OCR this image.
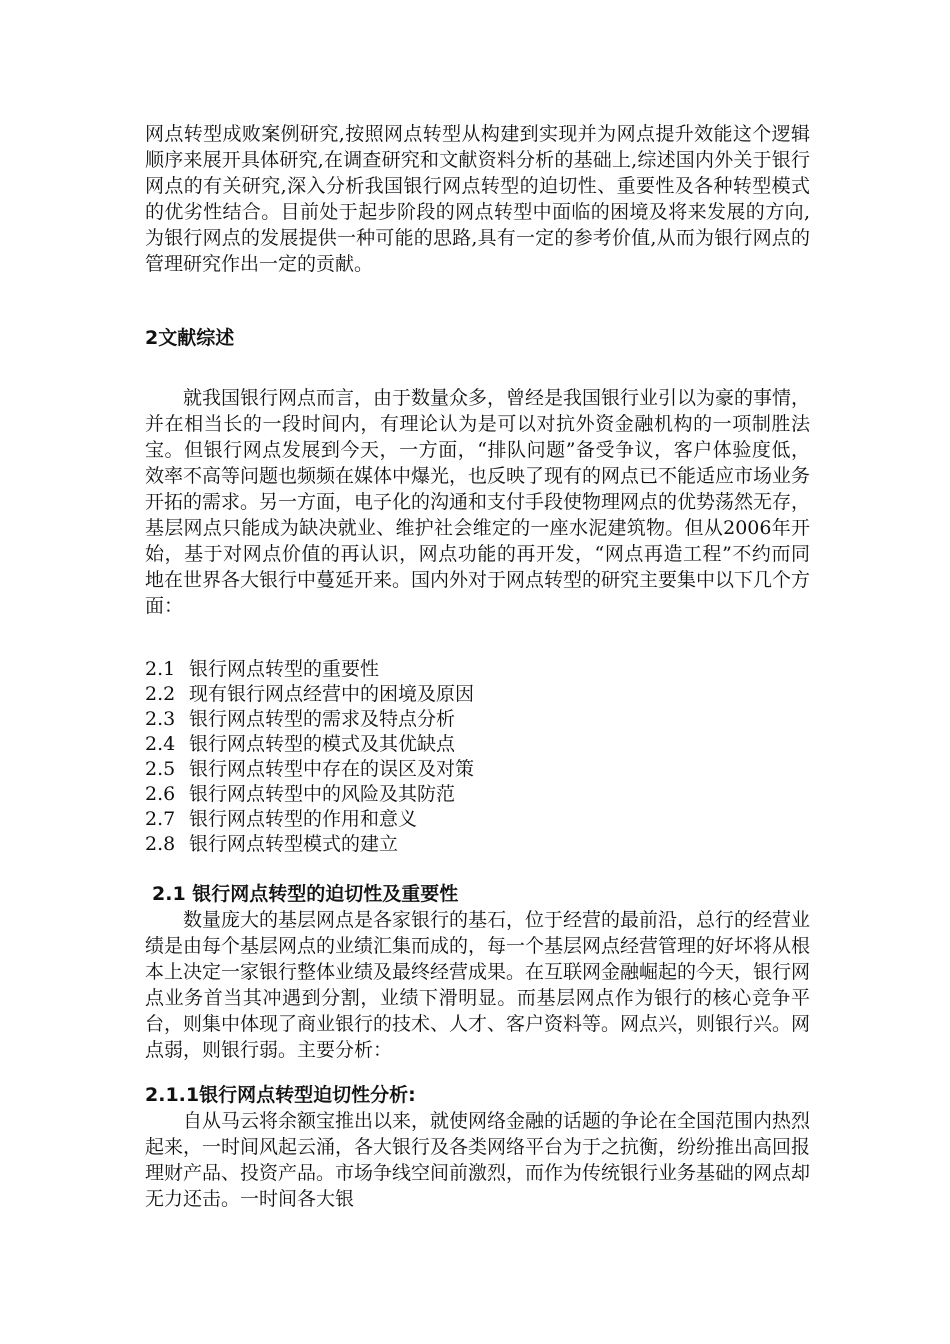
网点转型成败案例研究,按照网点转型从构建到实现并为网点提升效能这个逻辑顺序来展开具体研究,在调查研究和文献资料分析的基础上,综述国内外关于银行网点的有关研究,深入分析我国银行网点转型的迫切性、重要性及各种转型模式的优劣性结合。目前处于起步阶段的网点转型中面临的困境及将来发展的方向,为银行网点的发展提供一种可能的思路,具有一定的参考价值,从而为银行网点的管理研究作出一定的贡献。

2文献综述

就我国银行网点而言，由于数量众多，曾经是我国银行业引以为豪的事情，并在相当长的一段时间内，有理论认为是可以对抗外资金融机构的一项制胜法宝。但银行网点发展到今天，一方面，“排队问题”备受争议，客户体验度低，效率不高等问题也频频在媒体中爆光，也反映了现有的网点已不能适应市场业务开拓的需求。另一方面，电子化的沟通和支付手段使物理网点的优势荡然无存，基层网点只能成为缺决就业、维护社会维定的一座水泥建筑物。但从2006年开始，基于对网点价值的再认识，网点功能的再开发，“网点再造工程”不约而同地在世界各大银行中蔓延开来。国内外对于网点转型的研究主要集中以下几个方面：

2.1 银行网点转型的重要性
2.2 现有银行网点经营中的困境及原因
2.3 银行网点转型的需求及特点分析
2.4 银行网点转型的模式及其优缺点
2.5 银行网点转型中存在的误区及对策
2.6 银行网点转型中的风险及其防范
2.7 银行网点转型的作用和意义
2.8 银行网点转型模式的建立
2.1 银行网点转型的迫切性及重要性

数量庞大的基层网点是各家银行的基石，位于经营的最前沿，总行的经营业绩是由每个基层网点的业绩汇集而成的，每一个基层网点经营管理的好坏将从根本上决定一家银行整体业绩及最终经营成果。在互联网金融崛起的今天，银行网点业务首当其冲遇到分割，业绩下滑明显。而基层网点作为银行的核心竞争平台，则集中体现了商业银行的技术、人才、客户资料等。网点兴，则银行兴。网点弱，则银行弱。主要分析：

2.1.1银行网点转型迫切性分析:

自从马云将余额宝推出以来，就使网络金融的话题的争论在全国范围内热烈起来，一时间风起云涌，各大银行及各类网络平台为于之抗衡，纷纷推出高回报理财产品、投资产品。市场争线空间前激烈，而作为传统银行业务基础的网点却无力还击。一时间各大银
